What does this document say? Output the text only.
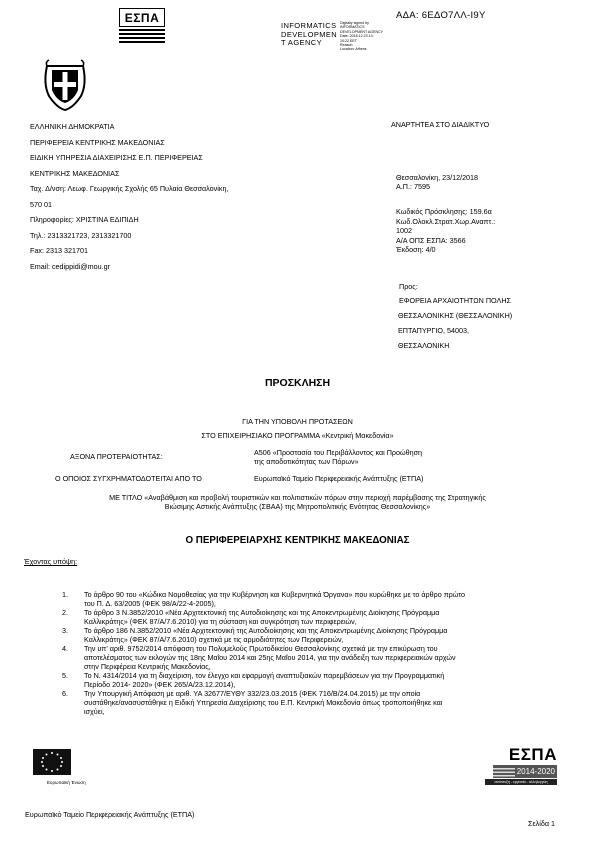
ΕΣΠΑ
INFORMATICS
DEVELOPMEN
T AGENCY
Digitally signed by
INFORMATICS
DEVELOPMENT AGENCY
Date: 2018.12.23 13:
10:22 EET
Reason:
Location: Athens
ΑΔΑ: 6ΕΔΟ7ΛΛ-Ι9Υ
ΕΛΛΗΝΙΚΗ ΔΗΜΟΚΡΑΤΙΑ
ΠΕΡΙΦΕΡΕΙΑ ΚΕΝΤΡΙΚΗΣ ΜΑΚΕΔΟΝΙΑΣ
ΕΙΔΙΚΗ ΥΠΗΡΕΣΙΑ ΔΙΑΧΕΙΡΙΣΗΣ Ε.Π. ΠΕΡΙΦΕΡΕΙΑΣ
ΚΕΝΤΡΙΚΗΣ ΜΑΚΕΔΟΝΙΑΣ
Ταχ. Δ/νση: Λεωφ. Γεωργικής Σχολής 65 Πυλαία Θεσσαλονίκη,
570 01
Πληροφορίες: ΧΡΙΣΤΙΝΑ ΕΔΙΠΙΔΗ
Τηλ.: 2313321723, 2313321700
Fax: 2313 321701
Email: cedippidi@mou.gr
ΑΝΑΡΤΗΤΕΑ ΣΤΟ ΔΙΑΔΙΚΤΥΟ
Θεσσαλονίκη, 23/12/2018
Α.Π.: 7595
Κωδικός Πρόσκλησης: 159.6α
Κωδ.Ολοκλ.Στρατ.Χωρ.Αναπτ.:
1002
Α/Α ΟΠΣ ΕΣΠΑ: 3566
Έκδοση: 4/0
Προς:
ΕΦΟΡΕΙΑ ΑΡΧΑΙΟΤΗΤΩΝ ΠΟΛΗΣ
ΘΕΣΣΑΛΟΝΙΚΗΣ (ΘΕΣΣΑΛΟΝΙΚΗ)
ΕΠΤΑΠΥΡΓΙΟ, 54003,
ΘΕΣΣΑΛΟΝΙΚΗ
ΠΡΟΣΚΛΗΣΗ
ΓΙΑ ΤΗΝ ΥΠΟΒΟΛΗ ΠΡΟΤΑΣΕΩΝ
ΣΤΟ ΕΠΙΧΕΙΡΗΣΙΑΚΟ ΠΡΟΓΡΑΜΜΑ «Κεντρική Μακεδονία»
ΑΞΟΝΑ ΠΡΟΤΕΡΑΙΟΤΗΤΑΣ:	Α506 «Προστασία του Περιβάλλοντος και Προώθηση
της αποδοτικότητας των Πόρων»
Ο ΟΠΟΙΟΣ ΣΥΓΧΡΗΜΑΤΟΔΟΤΕΙΤΑΙ ΑΠΟ ΤΟ	Ευρωπαϊκό Ταμείο Περιφερειακής Ανάπτυξης (ΕΤΠΑ)
ΜΕ ΤΙΤΛΟ «Αναβάθμιση και προβολή τουριστικών και πολιτιστικών πόρων στην περιοχή παρέμβασης της Στρατηγικής
Βιώσιμης Αστικής Ανάπτυξης (ΣΒΑΑ) της Μητροπολιτικής Ενότητας Θεσσαλονίκης»
Ο ΠΕΡΙΦΕΡΕΙΑΡΧΗΣ ΚΕΝΤΡΙΚΗΣ ΜΑΚΕΔΟΝΙΑΣ
Έχοντας υπόψη:
1. Το άρθρο 90 του «Κώδικα Νομοθεσίας για την Κυβέρνηση και Κυβερνητικά Όργανα» που κυρώθηκε με το άρθρο πρώτο
του Π. Δ. 63/2005 (ΦΕΚ 98/Α/22-4-2005),
2. Το άρθρο 3 Ν.3852/2010 «Νέα Αρχιτεκτονική της Αυτοδιοίκησης και της Αποκεντρωμένης Διοίκησης Πρόγραμμα
Καλλικράτης» (ΦΕΚ 87/Α/7.6.2010) για τη σύσταση και συγκρότηση των περιφερειών,
3. Το άρθρο 186 Ν.3852/2010 «Νέα Αρχιτεκτονική της Αυτοδιοίκησης και της Αποκεντρωμένης Διοίκησης Πρόγραμμα
Καλλικράτης» (ΦΕΚ 87/Α/7.6.2010) σχετικά με τις αρμοδιότητες των Περιφερειών,
4. Την υπ' αριθ. 9752/2014 απόφαση του Πολυμελούς Πρωτοδικείου Θεσσαλονίκης σχετικά με την επικύρωση του
αποτελέσματος των εκλογών της 18ης Μαΐου 2014 και 25ης Μαΐου 2014, για την ανάδειξη των περιφερειακών αρχών
στην Περιφέρεια Κεντρικής Μακεδονίας,
5. Το Ν. 4314/2014 για τη διαχείριση, τον έλεγχο και εφαρμογή αναπτυξιακών παρεμβάσεων για την Προγραμματική
Περίοδο 2014- 2020» (ΦΕΚ 265/Α/23.12.2014),
6. Την Υπουργική Απόφαση με αριθ. ΥΑ 32677/ΕΥΘΥ 332/23.03.2015 (ΦΕΚ 716/Β/24.04.2015) με την οποία
συστάθηκε/ανασυστάθηκε η Ειδική Υπηρεσία Διαχείρισης του Ε.Π. Κεντρική Μακεδονία όπως τροποποιήθηκε και
ισχύει,
Ευρωπαϊκή Ένωση
ΕΣΠΑ
2014-2020
ανάπτυξη - εργασία - αλληλεγγύη
Ευρωπαϊκό Ταμείο Περιφερειακής Ανάπτυξης (ΕΤΠΑ)
Σελίδα 1
